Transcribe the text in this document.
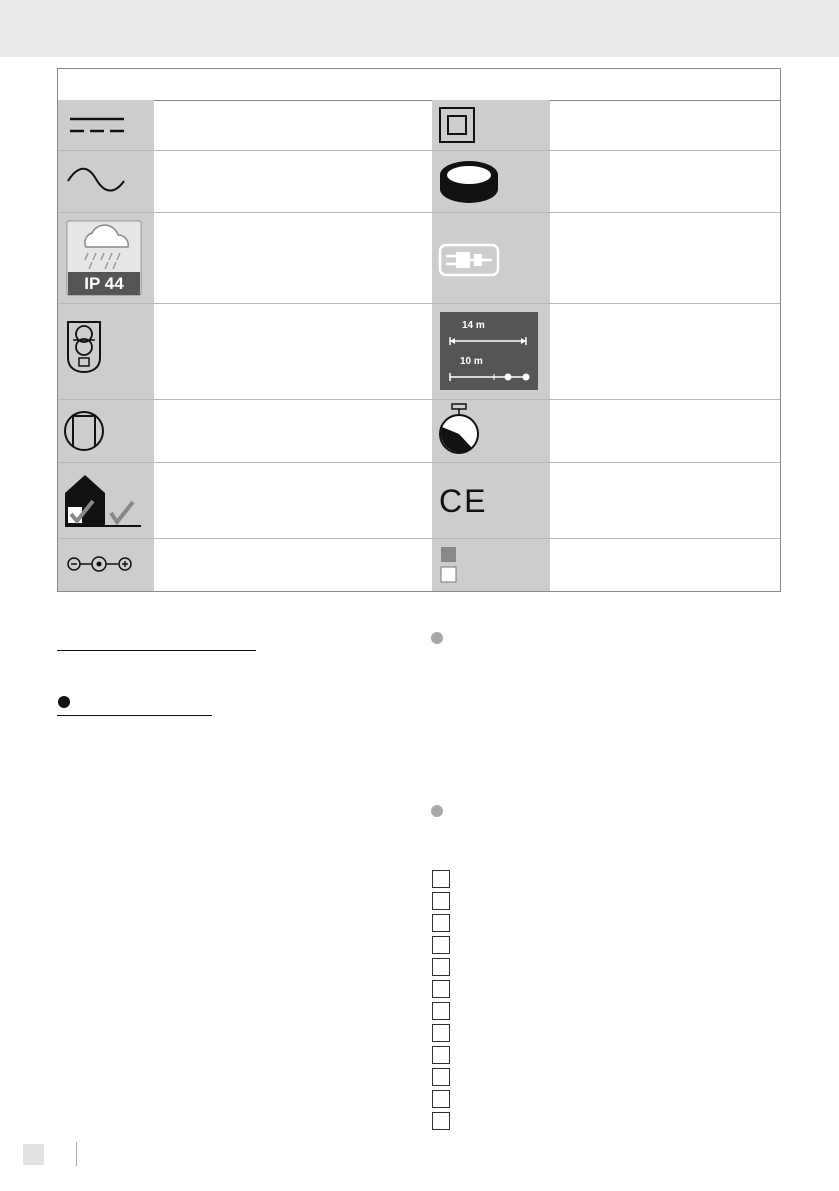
IP 44
14 m
10 m
CE
